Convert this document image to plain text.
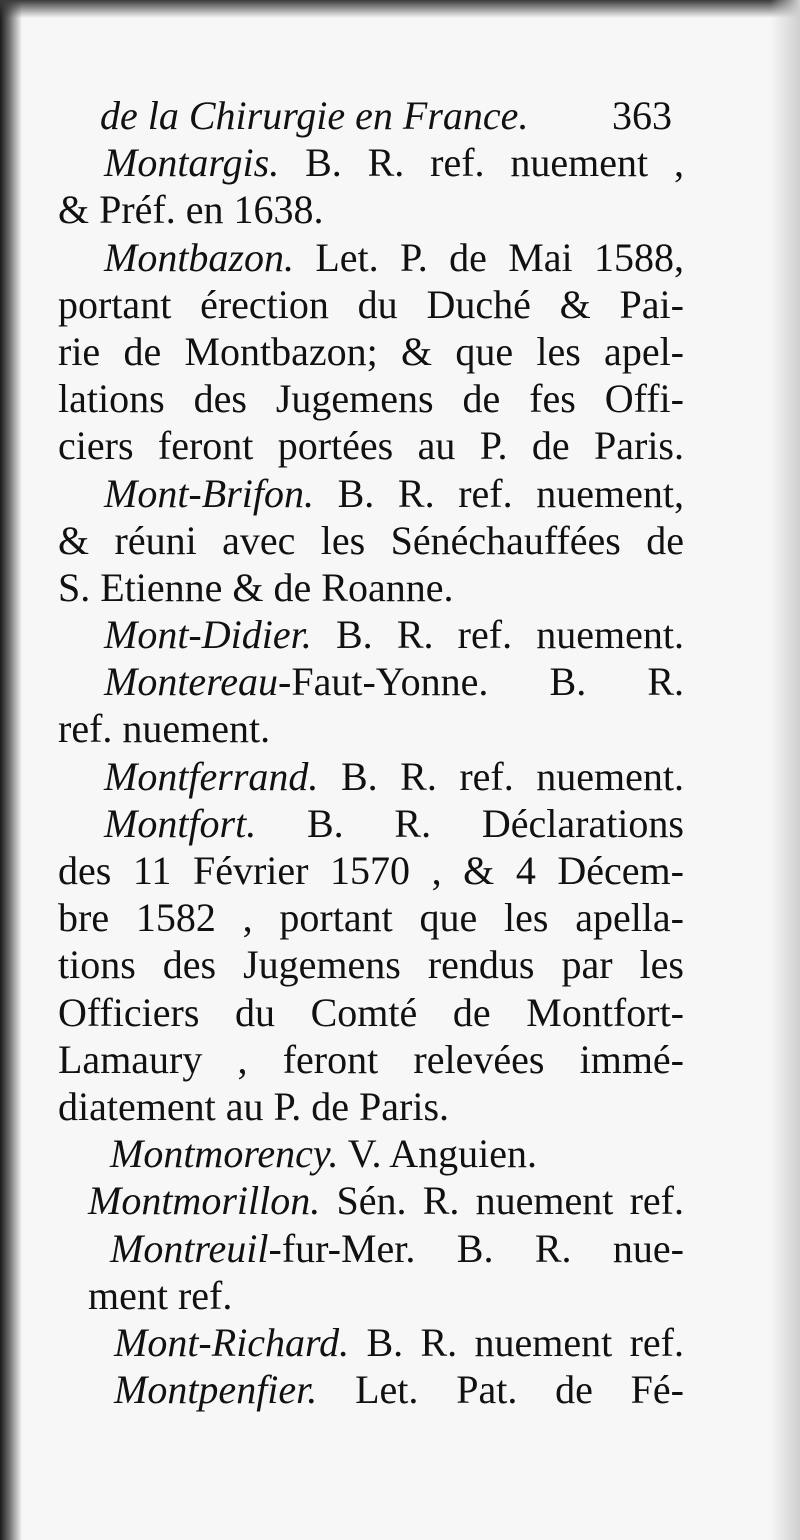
de la Chirurgie en France. 363
Montargis. B. R. ref. nuement ,
& Préf. en 1638.
Montbazon. Let. P. de Mai 1588,
portant érection du Duché & Pai-
rie de Montbazon; & que les apel-
lations des Jugemens de fes Offi-
ciers feront portées au P. de Paris.
Mont-Brifon. B. R. ref. nuement,
& réuni avec les Sénéchauffées de
S. Etienne & de Roanne.
Mont-Didier. B. R. ref. nuement.
Montereau-Faut-Yonne. B. R.
ref. nuement.
Montferrand. B. R. ref. nuement.
Montfort. B. R. Déclarations
des 11 Février 1570 , & 4 Décem-
bre 1582 , portant que les apella-
tions des Jugemens rendus par les
Officiers du Comté de Montfort-
Lamaury , feront relevées immé-
diatement au P. de Paris.
Montmorency. V. Anguien.
Montmorillon. Sén. R. nuement ref.
Montreuil-fur-Mer. B. R. nue-
ment ref.
Mont-Richard. B. R. nuement ref.
Montpenfier. Let. Pat. de Fé-
